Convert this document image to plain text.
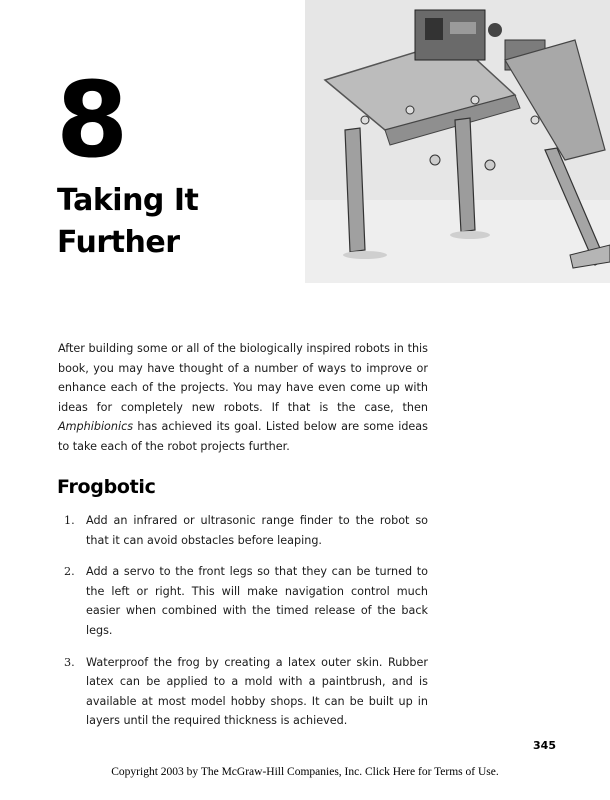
8
Taking It
Further

After building some or all of the biologically inspired robots in this book, you may have thought of a number of ways to improve or enhance each of the projects. You may have even come up with ideas for completely new robots. If that is the case, then Amphibionics has achieved its goal. Listed below are some ideas to take each of the robot projects further.

Frogbotic
1. Add an infrared or ultrasonic range finder to the robot so that it can avoid obstacles before leaping.
2. Add a servo to the front legs so that they can be turned to the left or right. This will make navigation control much easier when combined with the timed release of the back legs.
3. Waterproof the frog by creating a latex outer skin. Rubber latex can be applied to a mold with a paintbrush, and is available at most model hobby shops. It can be built up in layers until the required thickness is achieved.
345
Copyright 2003 by The McGraw-Hill Companies, Inc. Click Here for Terms of Use.
